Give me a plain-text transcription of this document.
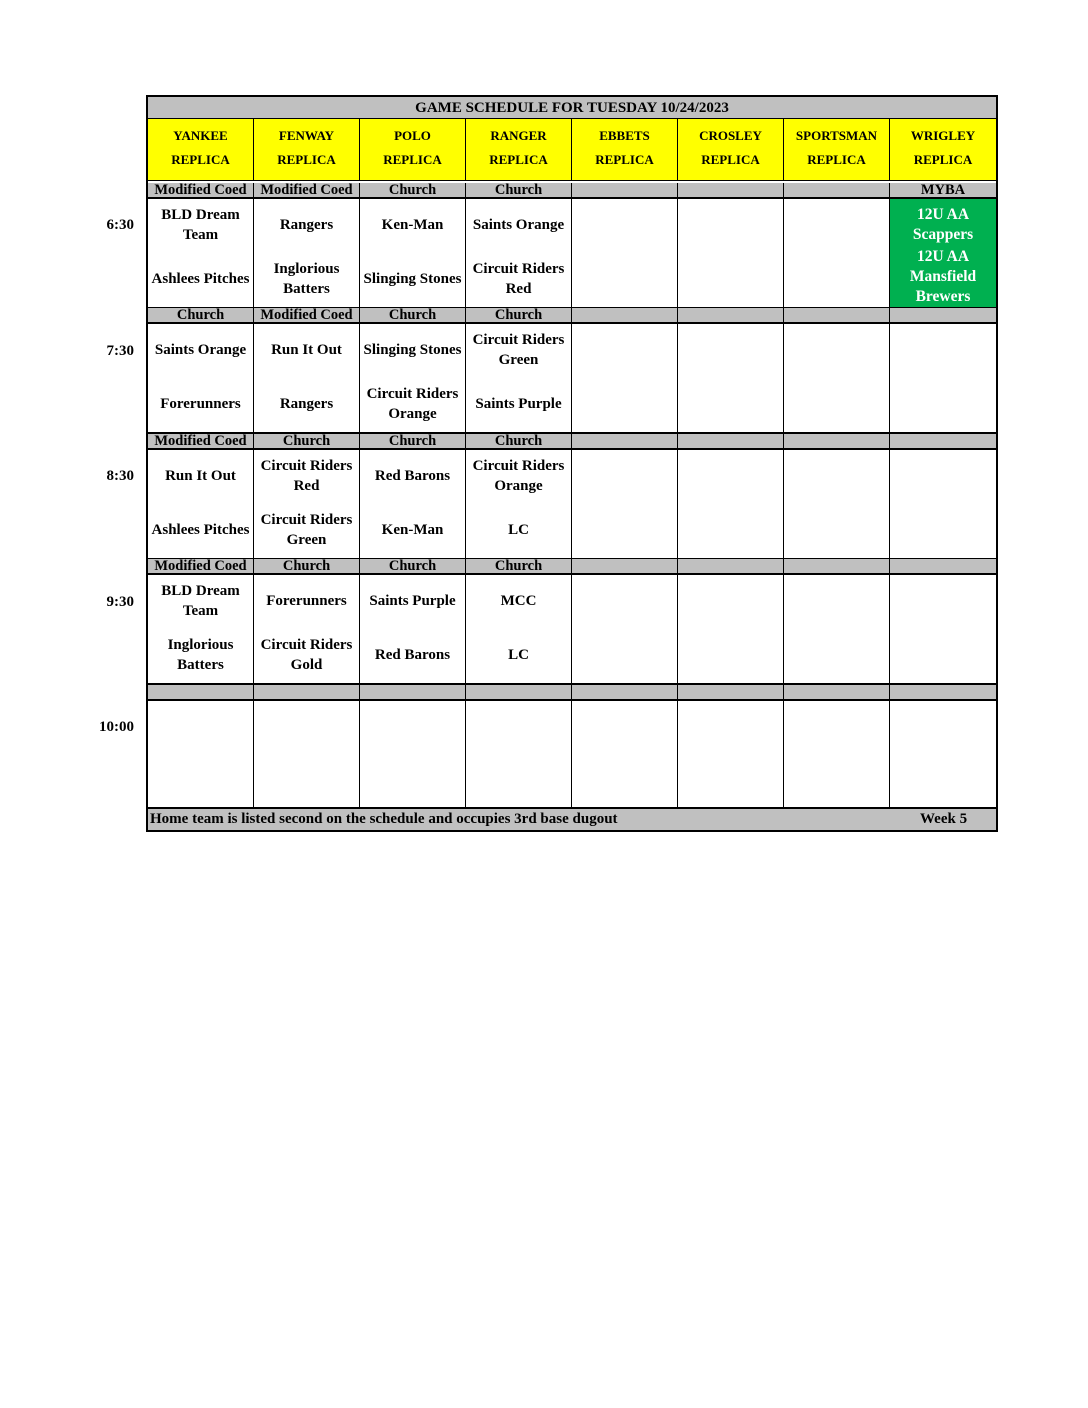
6:30
7:30
8:30
9:30
10:00
GAME SCHEDULE FOR TUESDAY 10/24/2023
YANKEE
REPLICA
FENWAY
REPLICA
POLO
REPLICA
RANGER
REPLICA
EBBETS
REPLICA
CROSLEY
REPLICA
SPORTSMAN
REPLICA
WRIGLEY
REPLICA
Modified Coed
BLD Dream Team
Ashlees Pitches
Modified Coed
Rangers
Inglorious Batters
Church
Ken-Man
Slinging Stones
Church
Saints Orange
Circuit Riders Red
MYBA
12U AA Scappers
12U AA Mansfield Brewers
Church
Saints Orange
Forerunners
Modified Coed
Run It Out
Rangers
Church
Slinging Stones
Circuit Riders Orange
Church
Circuit Riders Green
Saints Purple
Modified Coed
Run It Out
Ashlees Pitches
Church
Circuit Riders Red
Circuit Riders Green
Church
Red Barons
Ken-Man
Church
Circuit Riders Orange
LC
Modified Coed
BLD Dream Team
Inglorious Batters
Church
Forerunners
Circuit Riders Gold
Church
Saints Purple
Red Barons
Church
MCC
LC
Home team is listed second on the schedule and occupies 3rd base dugout	Week 5
